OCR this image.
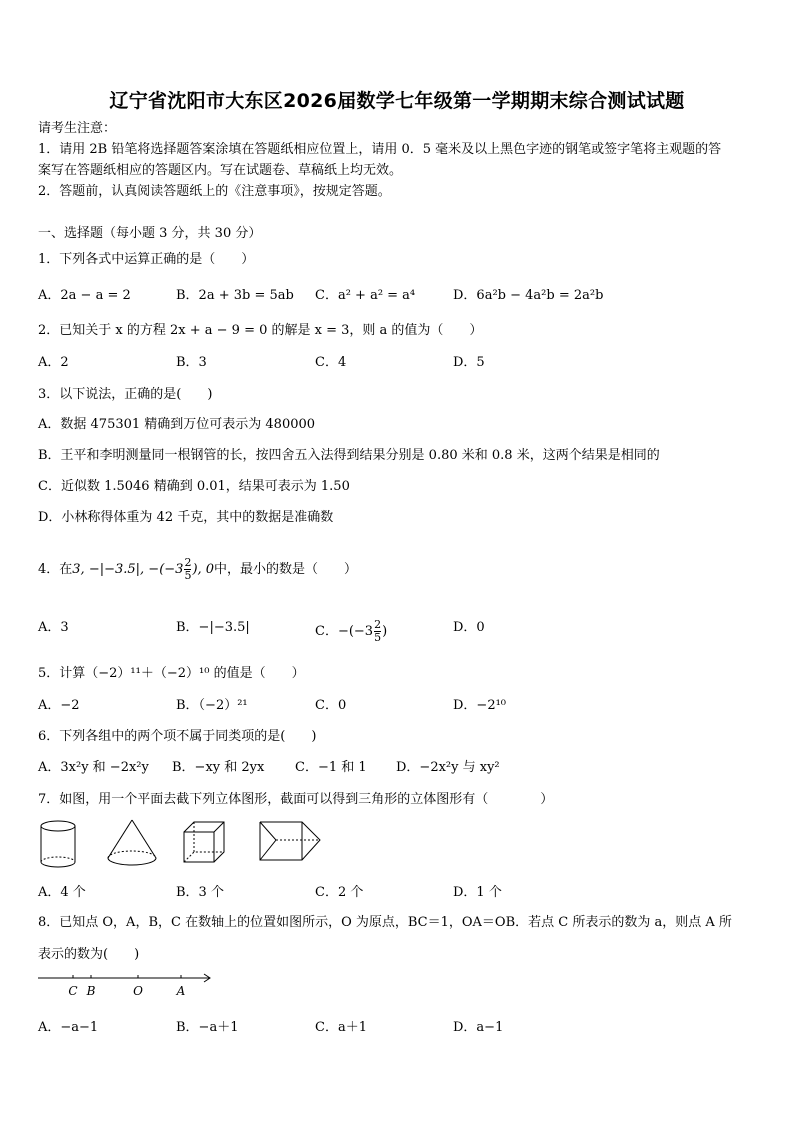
辽宁省沈阳市大东区2026届数学七年级第一学期期末综合测试试题
请考生注意：
1．请用 2B 铅笔将选择题答案涂填在答题纸相应位置上，请用 0．5 毫米及以上黑色字迹的钢笔或签字笔将主观题的答
案写在答题纸相应的答题区内。写在试题卷、草稿纸上均无效。
2．答题前，认真阅读答题纸上的《注意事项》，按规定答题。
一、选择题（每小题 3 分，共 30 分）
1．下列各式中运算正确的是（　　）
A．2a − a = 2	B．2a + 3b = 5ab C．a² + a² = a⁴	D．6a²b − 4a²b = 2a²b
2．已知关于 x 的方程 2x + a − 9 = 0 的解是 x = 3，则 a 的值为（　　）
A．2	B．3	C．4	D．5
3．以下说法，正确的是(　　)
A．数据 475301 精确到万位可表示为 480000
B．王平和李明测量同一根钢管的长，按四舍五入法得到结果分别是 0.80 米和 0.8 米，这两个结果是相同的
C．近似数 1.5046 精确到 0.01，结果可表示为 1.50
D．小林称得体重为 42 千克，其中的数据是准确数
4．在3, −|−3.5|, $-(-3 \frac{2}{5}$ ), 0中，最小的数是（　　）
A．3	B．−|−3.5|	C．$-(-3 \frac{2}{5}$ )	D．0
5．计算（−2）¹¹＋（−2）¹⁰ 的值是（　　）
A．−2	B．（−2）²¹	C．0	D．−2¹⁰
6．下列各组中的两个项不属于同类项的是(　　)
A．3x²y 和 −2x²y B．−xy 和 2yx C．−1 和 1 D．−2x²y 与 xy²
7．如图，用一个平面去截下列立体图形，截面可以得到三角形的立体图形有（　　　　）
A．4 个	B．3 个	C．2 个	D．1 个
8．已知点 O，A，B，C 在数轴上的位置如图所示，O 为原点，BC＝1，OA＝OB．若点 C 所表示的数为 a，则点 A 所
表示的数为(　　)
C B	O	A
A．−a−1	B．−a＋1	C．a＋1	D．a−1
